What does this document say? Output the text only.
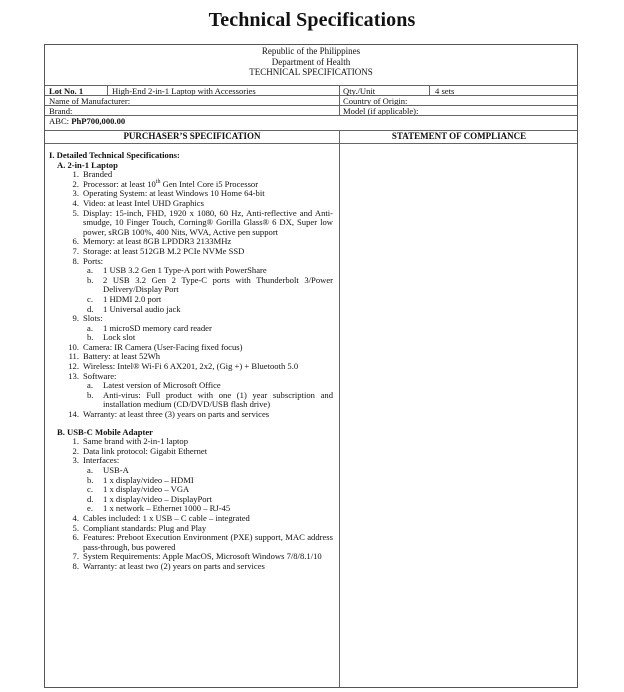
Technical Specifications
Republic of the Philippines
Department of Health
TECHNICAL SPECIFICATIONS
Lot No. 1	High-End 2-in-1 Laptop with Accessories	Qty./Unit	4 sets
Name of Manufacturer:	Country of Origin:
Brand:	Model (if applicable):
ABC: PhP700,000.00
PURCHASER’S SPECIFICATION	STATEMENT OF COMPLIANCE
I. Detailed Technical Specifications:
A. 2-in-1 Laptop
1. Branded
2. Processor: at least 10th Gen Intel Core i5 Processor
3. Operating System: at least Windows 10 Home 64-bit
4. Video: at least Intel UHD Graphics
5. Display: 15-inch, FHD, 1920 x 1080, 60 Hz, Anti-reflective and Anti-smudge, 10 Finger Touch, Corning® Gorilla Glass® 6 DX, Super low power, sRGB 100%, 400 Nits, WVA, Active pen support
6. Memory: at least 8GB LPDDR3 2133MHz
7. Storage: at least 512GB M.2 PCIe NVMe SSD
8. Ports:
a. 1 USB 3.2 Gen 1 Type-A port with PowerShare
b. 2 USB 3.2 Gen 2 Type-C ports with Thunderbolt 3/Power Delivery/Display Port
c. 1 HDMI 2.0 port
d. 1 Universal audio jack
9. Slots:
a. 1 microSD memory card reader
b. Lock slot
10. Camera: IR Camera (User-Facing fixed focus)
11. Battery: at least 52Wh
12. Wireless: Intel® Wi-Fi 6 AX201, 2x2, (Gig +) + Bluetooth 5.0
13. Software:
a. Latest version of Microsoft Office
b. Anti-virus: Full product with one (1) year subscription and installation medium (CD/DVD/USB flash drive)
14. Warranty: at least three (3) years on parts and services
B. USB-C Mobile Adapter
1. Same brand with 2-in-1 laptop
2. Data link protocol: Gigabit Ethernet
3. Interfaces:
a. USB-A
b. 1 x display/video – HDMI
c. 1 x display/video – VGA
d. 1 x display/video – DisplayPort
e. 1 x network – Ethernet 1000 – RJ-45
4. Cables included: 1 x USB – C cable – integrated
5. Compliant standards: Plug and Play
6. Features: Preboot Execution Environment (PXE) support, MAC address pass-through, bus powered
7. System Requirements: Apple MacOS, Microsoft Windows 7/8/8.1/10
8. Warranty: at least two (2) years on parts and services
